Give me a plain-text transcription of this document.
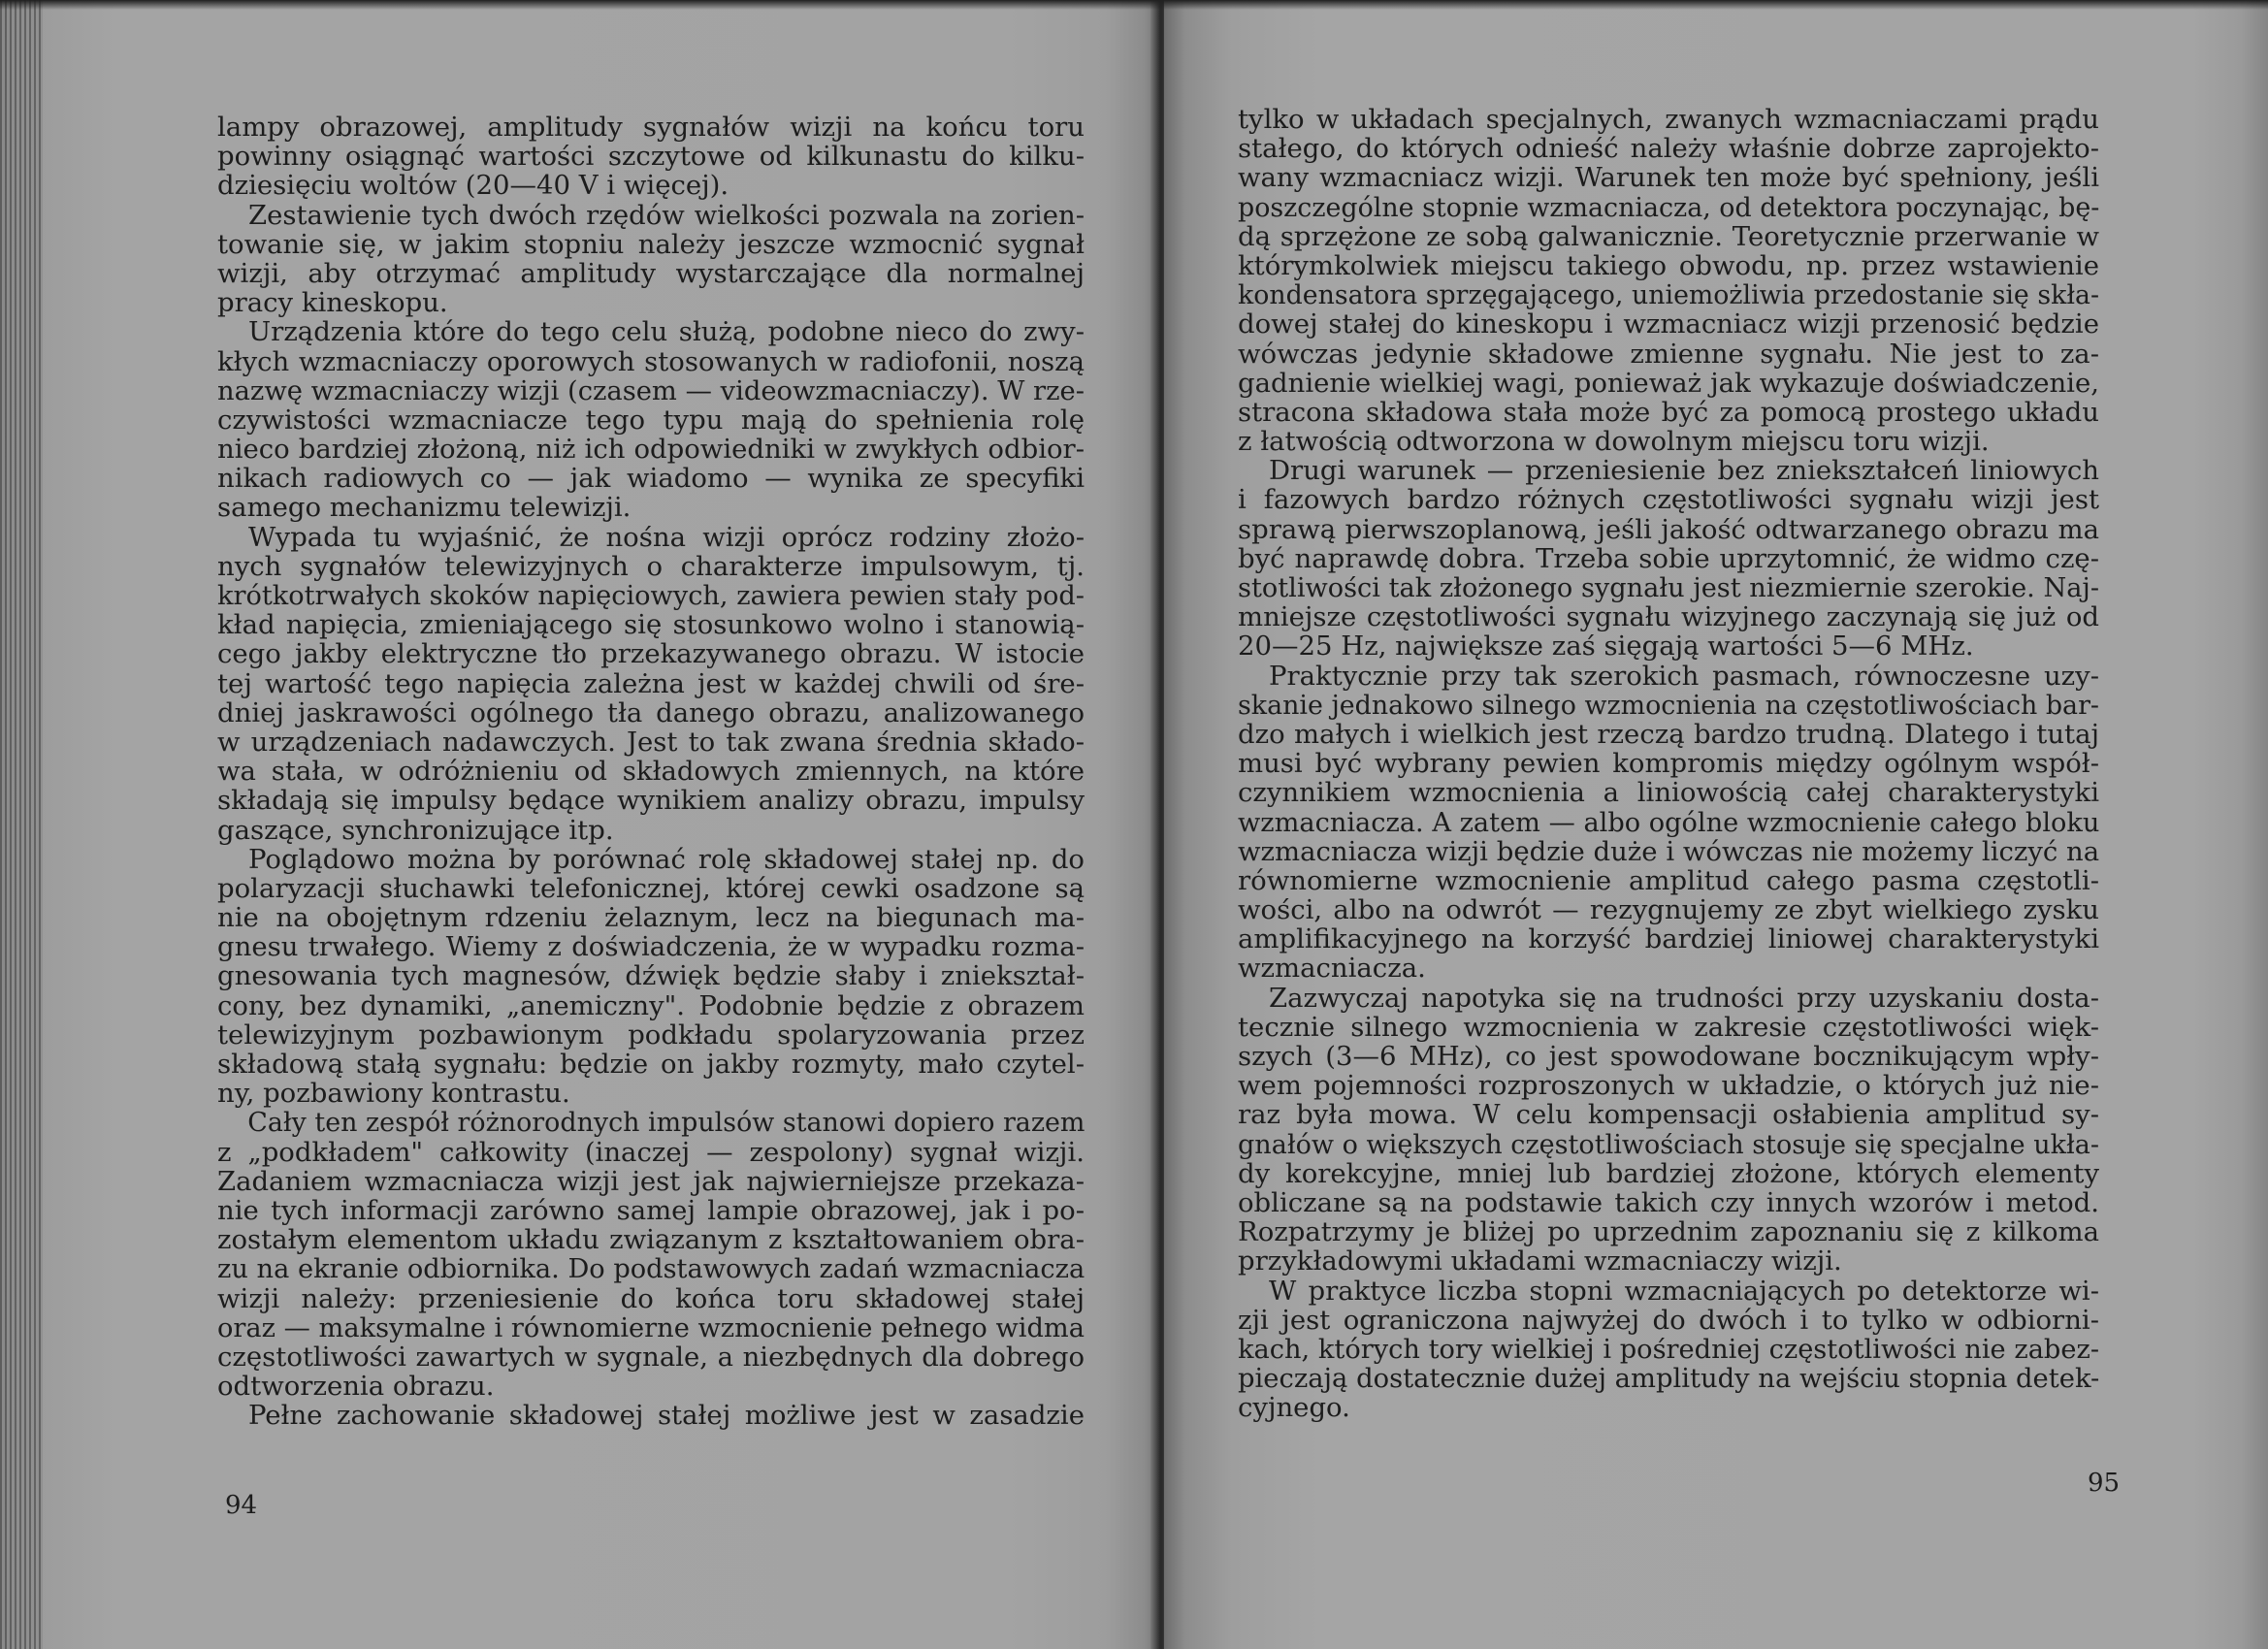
lampy obrazowej, amplitudy sygnałów wizji na końcu toru
powinny osiągnąć wartości szczytowe od kilkunastu do kilku-
dziesięciu woltów (20—40 V i więcej).
Zestawienie tych dwóch rzędów wielkości pozwala na zorien-
towanie się, w jakim stopniu należy jeszcze wzmocnić sygnał
wizji, aby otrzymać amplitudy wystarczające dla normalnej
pracy kineskopu.
Urządzenia które do tego celu służą, podobne nieco do zwy-
kłych wzmacniaczy oporowych stosowanych w radiofonii, noszą
nazwę wzmacniaczy wizji (czasem — videowzmacniaczy). W rze-
czywistości wzmacniacze tego typu mają do spełnienia rolę
nieco bardziej złożoną, niż ich odpowiedniki w zwykłych odbior-
nikach radiowych co — jak wiadomo — wynika ze specyfiki
samego mechanizmu telewizji.
Wypada tu wyjaśnić, że nośna wizji oprócz rodziny złożo-
nych sygnałów telewizyjnych o charakterze impulsowym, tj.
krótkotrwałych skoków napięciowych, zawiera pewien stały pod-
kład napięcia, zmieniającego się stosunkowo wolno i stanowią-
cego jakby elektryczne tło przekazywanego obrazu. W istocie
tej wartość tego napięcia zależna jest w każdej chwili od śre-
dniej jaskrawości ogólnego tła danego obrazu, analizowanego
w urządzeniach nadawczych. Jest to tak zwana średnia składo-
wa stała, w odróżnieniu od składowych zmiennych, na które
składają się impulsy będące wynikiem analizy obrazu, impulsy
gaszące, synchronizujące itp.
Poglądowo można by porównać rolę składowej stałej np. do
polaryzacji słuchawki telefonicznej, której cewki osadzone są
nie na obojętnym rdzeniu żelaznym, lecz na biegunach ma-
gnesu trwałego. Wiemy z doświadczenia, że w wypadku rozma-
gnesowania tych magnesów, dźwięk będzie słaby i zniekształ-
cony, bez dynamiki, „anemiczny". Podobnie będzie z obrazem
telewizyjnym pozbawionym podkładu spolaryzowania przez
składową stałą sygnału: będzie on jakby rozmyty, mało czytel-
ny, pozbawiony kontrastu.
Cały ten zespół różnorodnych impulsów stanowi dopiero razem
z „podkładem" całkowity (inaczej — zespolony) sygnał wizji.
Zadaniem wzmacniacza wizji jest jak najwierniejsze przekaza-
nie tych informacji zarówno samej lampie obrazowej, jak i po-
zostałym elementom układu związanym z kształtowaniem obra-
zu na ekranie odbiornika. Do podstawowych zadań wzmacniacza
wizji należy: przeniesienie do końca toru składowej stałej
oraz — maksymalne i równomierne wzmocnienie pełnego widma
częstotliwości zawartych w sygnale, a niezbędnych dla dobrego
odtworzenia obrazu.
Pełne zachowanie składowej stałej możliwe jest w zasadzie

94

tylko w układach specjalnych, zwanych wzmacniaczami prądu
stałego, do których odnieść należy właśnie dobrze zaprojekto-
wany wzmacniacz wizji. Warunek ten może być spełniony, jeśli
poszczególne stopnie wzmacniacza, od detektora poczynając, bę-
dą sprzężone ze sobą galwanicznie. Teoretycznie przerwanie w
którymkolwiek miejscu takiego obwodu, np. przez wstawienie
kondensatora sprzęgającego, uniemożliwia przedostanie się skła-
dowej stałej do kineskopu i wzmacniacz wizji przenosić będzie
wówczas jedynie składowe zmienne sygnału. Nie jest to za-
gadnienie wielkiej wagi, ponieważ jak wykazuje doświadczenie,
stracona składowa stała może być za pomocą prostego układu
z łatwością odtworzona w dowolnym miejscu toru wizji.
Drugi warunek — przeniesienie bez zniekształceń liniowych
i fazowych bardzo różnych częstotliwości sygnału wizji jest
sprawą pierwszoplanową, jeśli jakość odtwarzanego obrazu ma
być naprawdę dobra. Trzeba sobie uprzytomnić, że widmo czę-
stotliwości tak złożonego sygnału jest niezmiernie szerokie. Naj-
mniejsze częstotliwości sygnału wizyjnego zaczynają się już od
20—25 Hz, największe zaś sięgają wartości 5—6 MHz.
Praktycznie przy tak szerokich pasmach, równoczesne uzy-
skanie jednakowo silnego wzmocnienia na częstotliwościach bar-
dzo małych i wielkich jest rzeczą bardzo trudną. Dlatego i tutaj
musi być wybrany pewien kompromis między ogólnym współ-
czynnikiem wzmocnienia a liniowością całej charakterystyki
wzmacniacza. A zatem — albo ogólne wzmocnienie całego bloku
wzmacniacza wizji będzie duże i wówczas nie możemy liczyć na
równomierne wzmocnienie amplitud całego pasma częstotli-
wości, albo na odwrót — rezygnujemy ze zbyt wielkiego zysku
amplifikacyjnego na korzyść bardziej liniowej charakterystyki
wzmacniacza.
Zazwyczaj napotyka się na trudności przy uzyskaniu dosta-
tecznie silnego wzmocnienia w zakresie częstotliwości więk-
szych (3—6 MHz), co jest spowodowane bocznikującym wpły-
wem pojemności rozproszonych w układzie, o których już nie-
raz była mowa. W celu kompensacji osłabienia amplitud sy-
gnałów o większych częstotliwościach stosuje się specjalne ukła-
dy korekcyjne, mniej lub bardziej złożone, których elementy
obliczane są na podstawie takich czy innych wzorów i metod.
Rozpatrzymy je bliżej po uprzednim zapoznaniu się z kilkoma
przykładowymi układami wzmacniaczy wizji.
W praktyce liczba stopni wzmacniających po detektorze wi-
zji jest ograniczona najwyżej do dwóch i to tylko w odbiorni-
kach, których tory wielkiej i pośredniej częstotliwości nie zabez-
pieczają dostatecznie dużej amplitudy na wejściu stopnia detek-
cyjnego.

95
